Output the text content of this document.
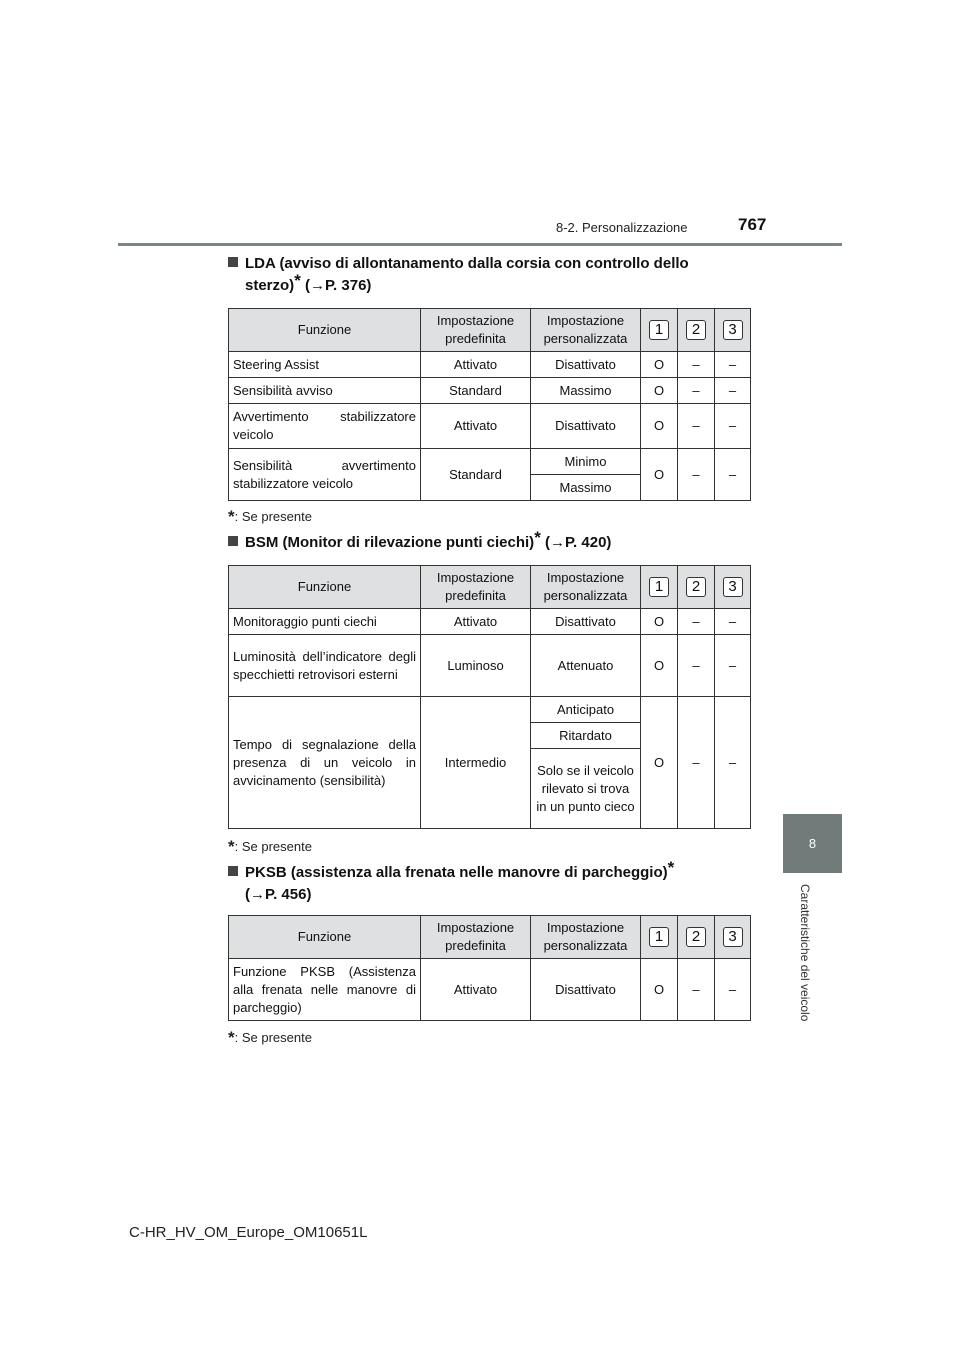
8-2. Personalizzazione	767
8
Caratteristiche del veicolo
LDA (avviso di allontanamento dalla corsia con controllo dello
sterzo)* (→P. 376)
Funzione	Impostazione predefinita	Impostazione personalizzata	1	2	3
Steering Assist	Attivato	Disattivato	O	–	–
Sensibilità avviso	Standard	Massimo	O	–	–
Avvertimento stabilizzatore veicolo	Attivato	Disattivato	O	–	–
Sensibilità avvertimento stabilizzatore veicolo	Standard	Minimo	O	–	–
		Massimo			
*: Se presente
BSM (Monitor di rilevazione punti ciechi)* (→P. 420)
Funzione	Impostazione predefinita	Impostazione personalizzata	1	2	3
Monitoraggio punti ciechi	Attivato	Disattivato	O	–	–
Luminosità dell’indicatore degli specchietti retrovisori esterni	Luminoso	Attenuato	O	–	–
Tempo di segnalazione della presenza di un veicolo in avvicinamento (sensibilità)	Intermedio	Anticipato	O	–	–
		Ritardato			
		Solo se il veicolo rilevato si trova in un punto cieco			
*: Se presente
PKSB (assistenza alla frenata nelle manovre di parcheggio)*
(→P. 456)
Funzione	Impostazione predefinita	Impostazione personalizzata	1	2	3
Funzione PKSB (Assistenza alla frenata nelle manovre di parcheggio)	Attivato	Disattivato	O	–	–
*: Se presente
C-HR_HV_OM_Europe_OM10651L
